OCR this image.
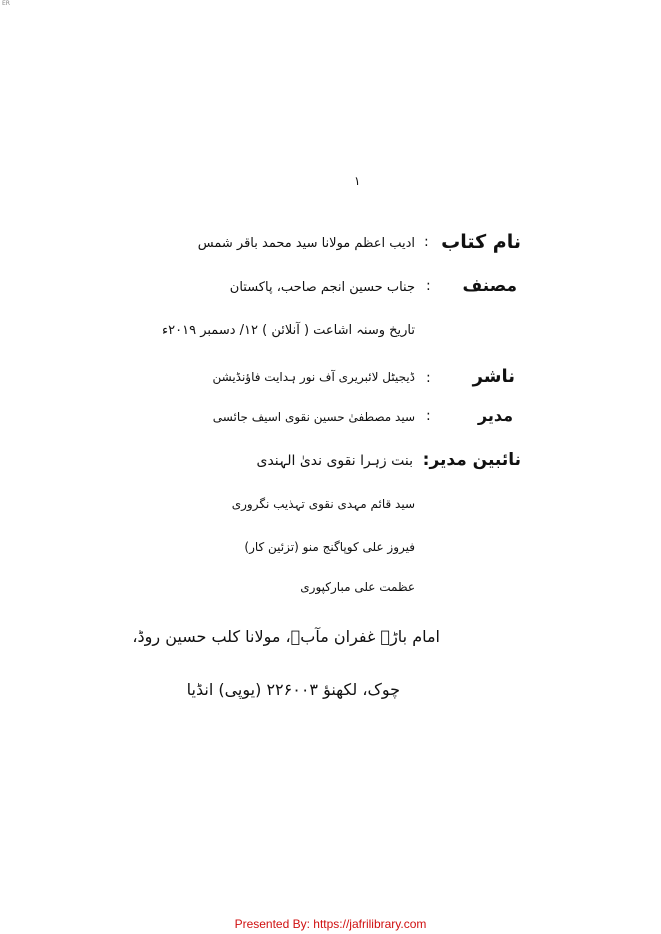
ER
۱
نام کتاب
:
ادیب اعظم مولانا سید محمد باقر شمس
مصنف
:
جناب حسین انجم صاحب، پاکستان
تاریخ وسنہ اشاعت ( آنلائن ) ۱۲/ دسمبر ۲۰۱۹ء
ناشر
:
ڈیجیٹل لائبریری آف نور ہدایت فاؤنڈیشن
مدیر
:
سید مصطفیٰ حسین نقوی اسیف جائسی
نائبین مدیر:
بنت زہرا نقوی ندیٰ الہندی
سید قائم مہدی نقوی تہذیب نگروری
فیروز علی کوپاگنج منو (تزئین کار)
عظمت علی مبارکپوری
امام باڑہ غفران مآبؒ، مولانا کلب حسین روڈ،
چوک، لکھنؤ ۲۲۶۰۰۳ (یوپی) انڈیا
Presented By: https://jafrilibrary.com
